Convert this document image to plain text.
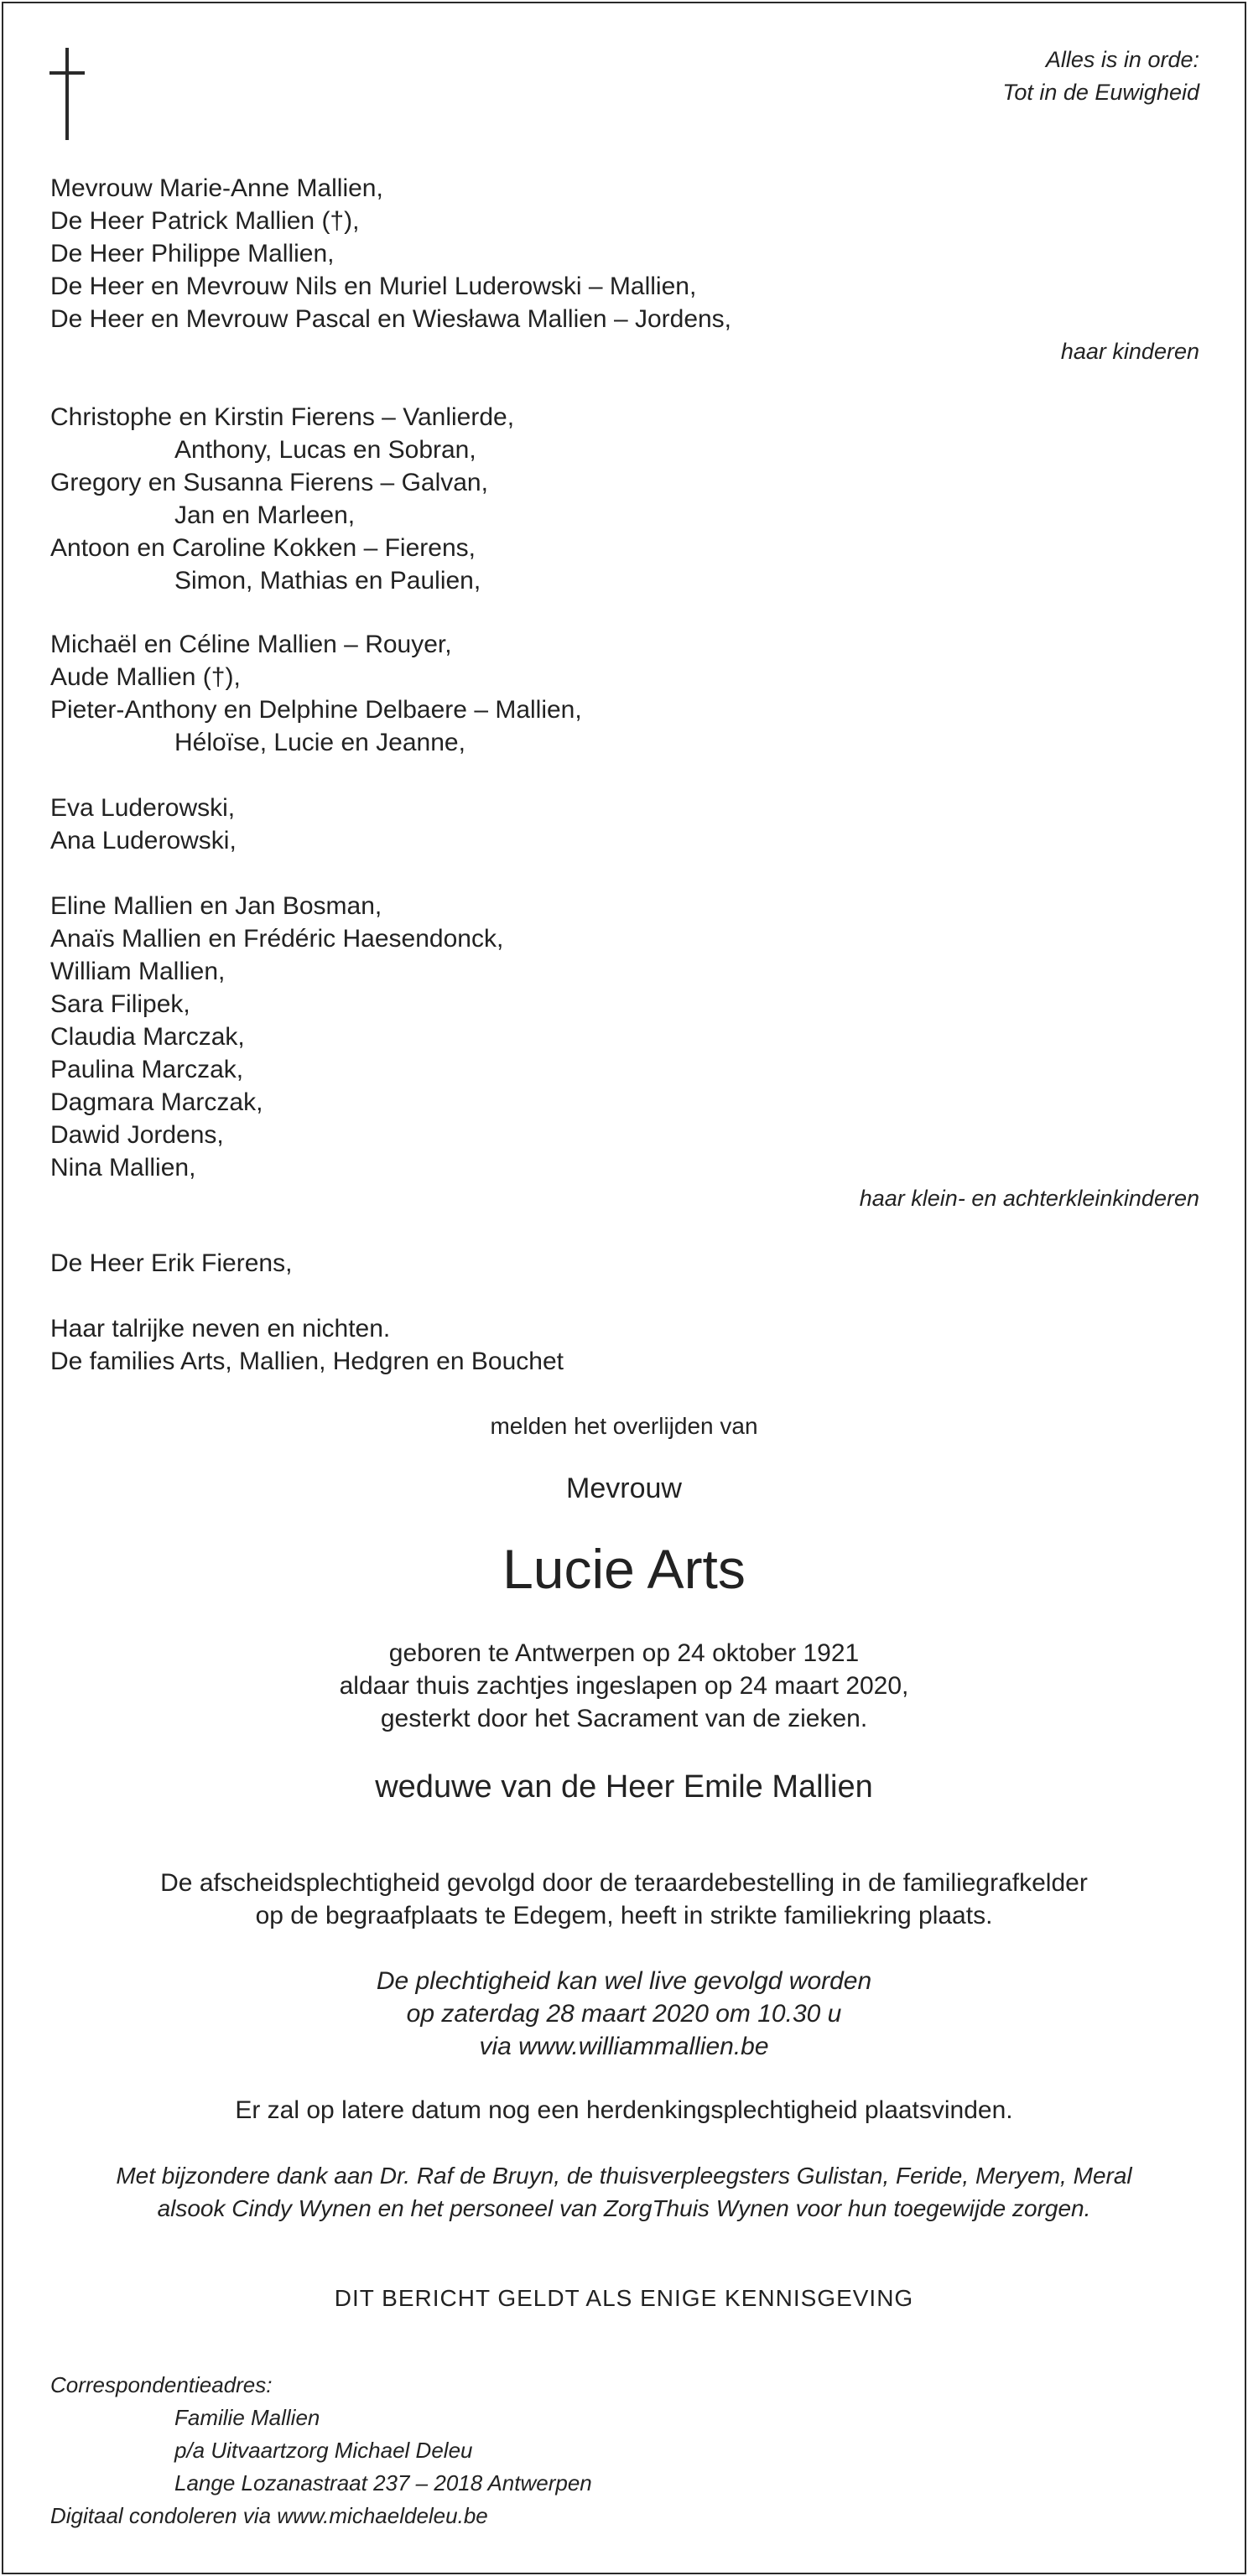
Alles is in orde:
Tot in de Euwigheid
Mevrouw Marie-Anne Mallien,
De Heer Patrick Mallien (†),
De Heer Philippe Mallien,
De Heer en Mevrouw Nils en Muriel Luderowski – Mallien,
De Heer en Mevrouw Pascal en Wiesława Mallien – Jordens,
haar kinderen
Christophe en Kirstin Fierens – Vanlierde,
Anthony, Lucas en Sobran,
Gregory en Susanna Fierens – Galvan,
Jan en Marleen,
Antoon en Caroline Kokken – Fierens,
Simon, Mathias en Paulien,
Michaël en Céline Mallien – Rouyer,
Aude Mallien (†),
Pieter-Anthony en Delphine Delbaere – Mallien,
Héloïse, Lucie en Jeanne,
Eva Luderowski,
Ana Luderowski,
Eline Mallien en Jan Bosman,
Anaïs Mallien en Frédéric Haesendonck,
William Mallien,
Sara Filipek,
Claudia Marczak,
Paulina Marczak,
Dagmara Marczak,
Dawid Jordens,
Nina Mallien,
haar klein- en achterkleinkinderen
De Heer Erik Fierens,
Haar talrijke neven en nichten.
De families Arts, Mallien, Hedgren en Bouchet
melden het overlijden van
Mevrouw
Lucie Arts
geboren te Antwerpen op 24 oktober 1921
aldaar thuis zachtjes ingeslapen op 24 maart 2020,
gesterkt door het Sacrament van de zieken.
weduwe van de Heer Emile Mallien
De afscheidsplechtigheid gevolgd door de teraardebestelling in de familiegrafkelder
op de begraafplaats te Edegem, heeft in strikte familiekring plaats.
De plechtigheid kan wel live gevolgd worden
op zaterdag 28 maart 2020 om 10.30 u
via www.williammallien.be
Er zal op latere datum nog een herdenkingsplechtigheid plaatsvinden.
Met bijzondere dank aan Dr. Raf de Bruyn, de thuisverpleegsters Gulistan, Feride, Meryem, Meral
alsook Cindy Wynen en het personeel van ZorgThuis Wynen voor hun toegewijde zorgen.
DIT BERICHT GELDT ALS ENIGE KENNISGEVING
Correspondentieadres:
Familie Mallien
p/a Uitvaartzorg Michael Deleu
Lange Lozanastraat 237 – 2018 Antwerpen
Digitaal condoleren via www.michaeldeleu.be
